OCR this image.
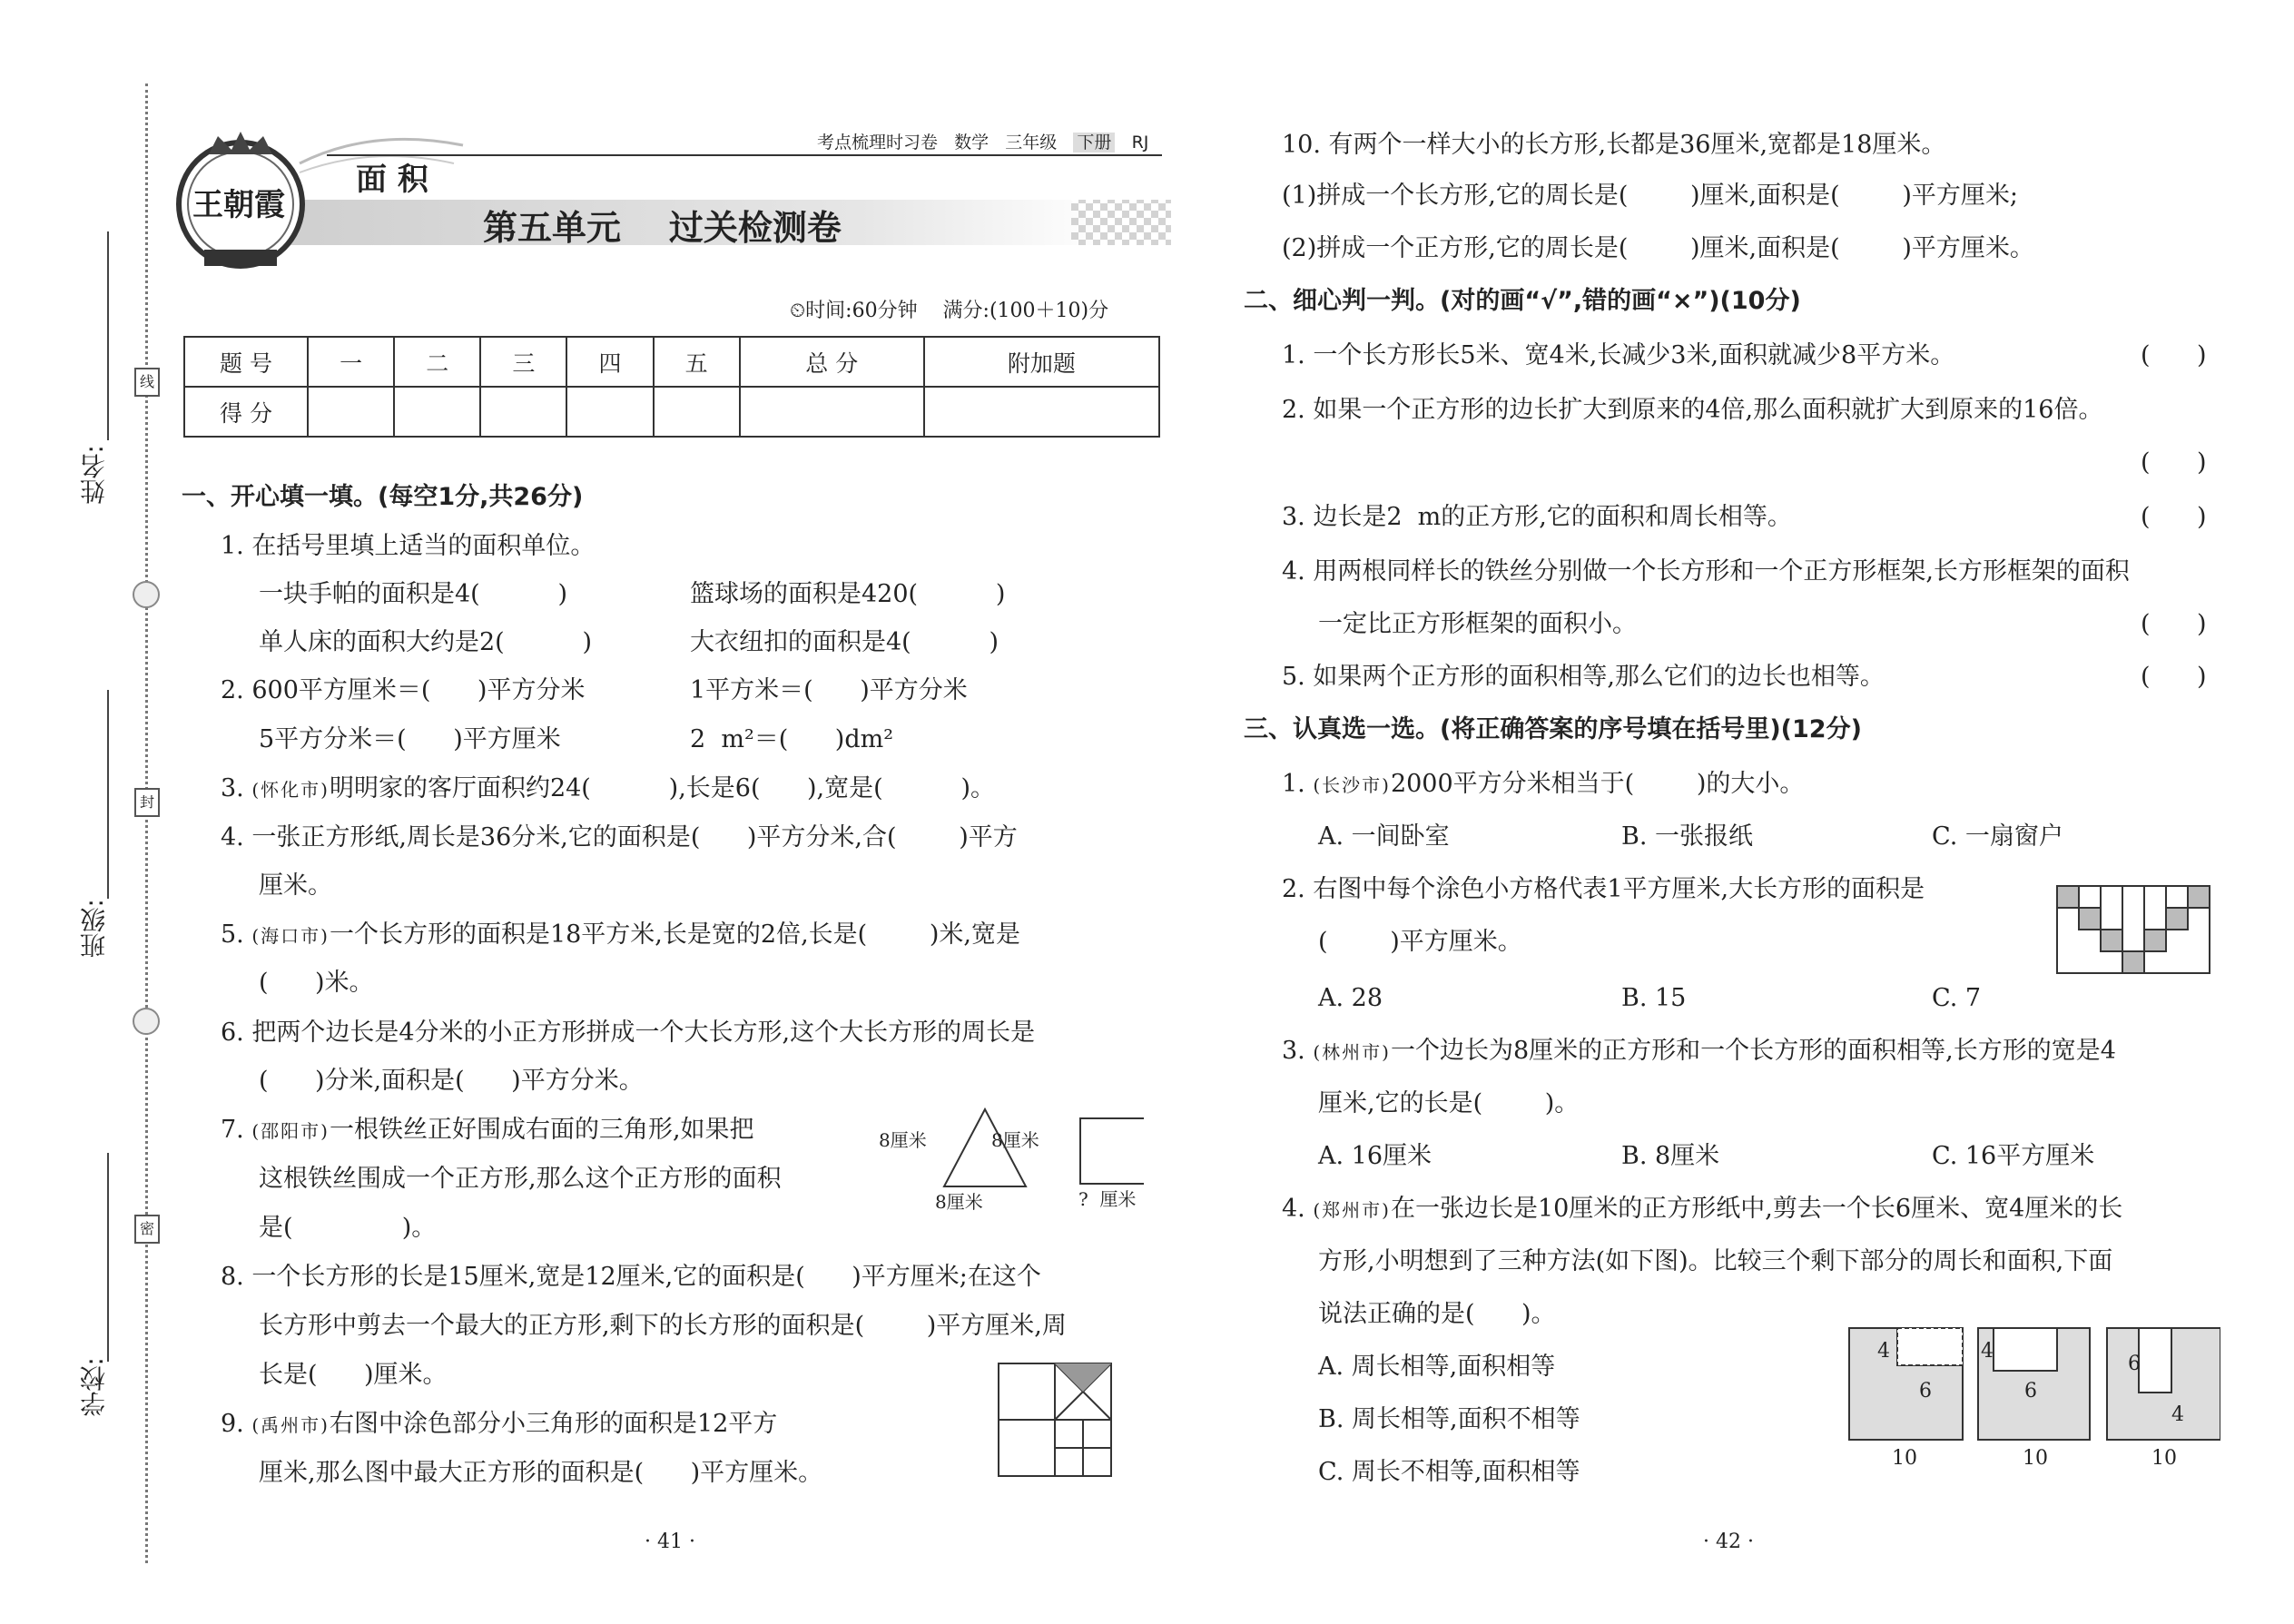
姓名:
班级:
学校:
线
封
密
王朝霞
考点梳理时习卷 数学 三年级 下册 RJ
面 积
第五单元    过关检测卷
⏲时间:60分钟    满分:(100＋10)分
题 号	一	二	三	四	五	总 分	附加题
得 分							
一、开心填一填。(每空1分,共26分)
1. 在括号里填上适当的面积单位。
一块手帕的面积是4(          )	篮球场的面积是420(          )
单人床的面积大约是2(          )	大衣纽扣的面积是4(          )
2. 600平方厘米＝(      )平方分米	1平方米＝(      )平方分米
5平方分米＝(      )平方厘米	2  m²＝(      )dm²
3. (怀化市)明明家的客厅面积约24(          ),长是6(      ),宽是(          )。
4. 一张正方形纸,周长是36分米,它的面积是(      )平方分米,合(        )平方
厘米。
5. (海口市)一个长方形的面积是18平方米,长是宽的2倍,长是(        )米,宽是
(      )米。
6. 把两个边长是4分米的小正方形拼成一个大长方形,这个大长方形的周长是
(      )分米,面积是(      )平方分米。
7. (邵阳市)一根铁丝正好围成右面的三角形,如果把
这根铁丝围成一个正方形,那么这个正方形的面积
是(              )。
8厘米	8厘米
8厘米	?  厘米
8. 一个长方形的长是15厘米,宽是12厘米,它的面积是(      )平方厘米;在这个
长方形中剪去一个最大的正方形,剩下的长方形的面积是(        )平方厘米,周
长是(      )厘米。
9. (禹州市)右图中涂色部分小三角形的面积是12平方
厘米,那么图中最大正方形的面积是(      )平方厘米。
· 41 ·
10. 有两个一样大小的长方形,长都是36厘米,宽都是18厘米。
(1)拼成一个长方形,它的周长是(        )厘米,面积是(        )平方厘米;
(2)拼成一个正方形,它的周长是(        )厘米,面积是(        )平方厘米。
二、细心判一判。(对的画“√”,错的画“×”)(10分)
1. 一个长方形长5米、宽4米,长减少3米,面积就减少8平方米。	(      )
2. 如果一个正方形的边长扩大到原来的4倍,那么面积就扩大到原来的16倍。
(      )
3. 边长是2  m的正方形,它的面积和周长相等。	(      )
4. 用两根同样长的铁丝分别做一个长方形和一个正方形框架,长方形框架的面积
一定比正方形框架的面积小。	(      )
5. 如果两个正方形的面积相等,那么它们的边长也相等。	(      )
三、认真选一选。(将正确答案的序号填在括号里)(12分)
1. (长沙市)2000平方分米相当于(        )的大小。
A. 一间卧室	B. 一张报纸	C. 一扇窗户
2. 右图中每个涂色小方格代表1平方厘米,大长方形的面积是
(        )平方厘米。
A. 28	B. 15	C. 7
3. (林州市)一个边长为8厘米的正方形和一个长方形的面积相等,长方形的宽是4
厘米,它的长是(        )。
A. 16厘米	B. 8厘米	C. 16平方厘米
4. (郑州市)在一张边长是10厘米的正方形纸中,剪去一个长6厘米、宽4厘米的长
方形,小明想到了三种方法(如下图)。比较三个剩下部分的周长和面积,下面
说法正确的是(      )。
A. 周长相等,面积相等
B. 周长相等,面积不相等
C. 周长不相等,面积相等
4
6
10
4
6
10
6
4
10
· 42 ·
